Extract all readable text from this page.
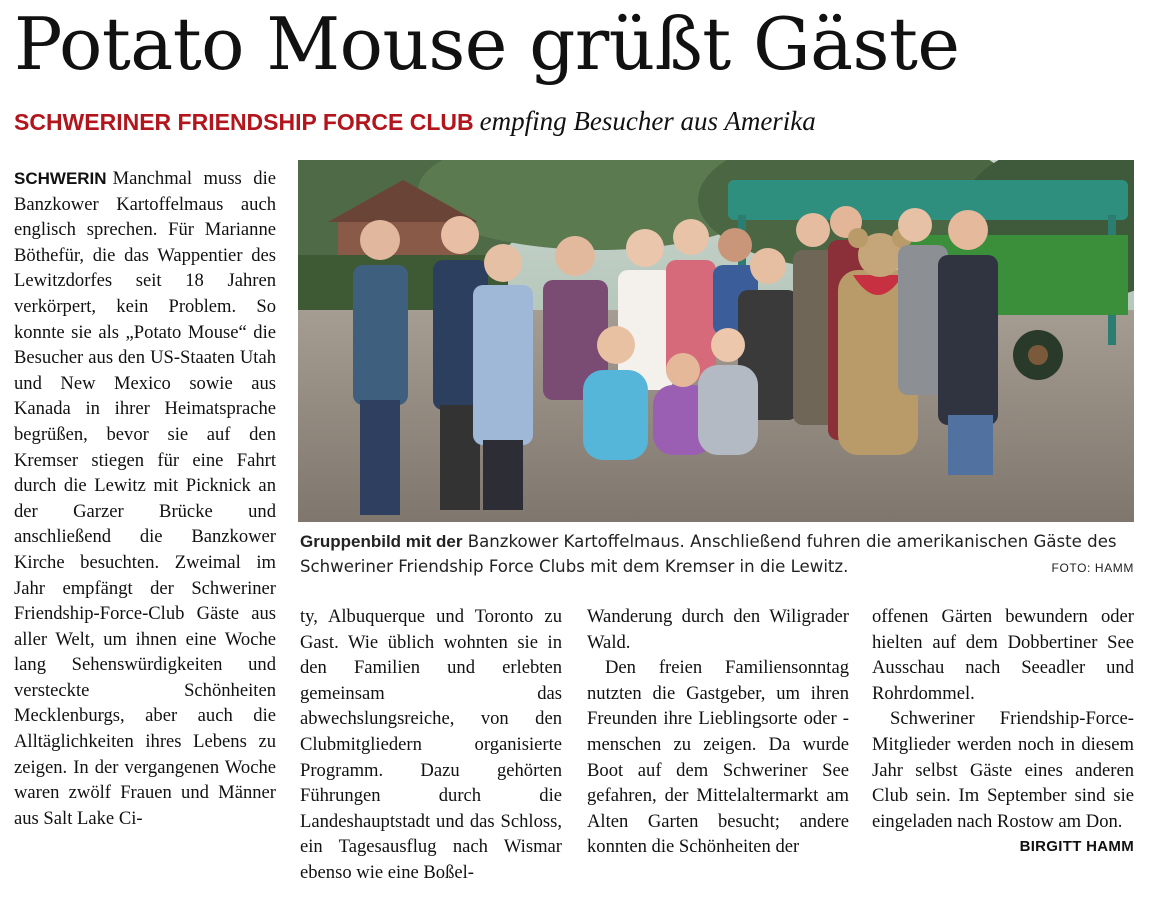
Potato Mouse grüßt Gäste
SCHWERINER FRIENDSHIP FORCE CLUB empfing Besucher aus Amerika

SCHWERIN Manchmal muss die Banzkower Kartoffelmaus auch englisch sprechen. Für Marianne Böthefür, die das Wappentier des Lewitzdorfes seit 18 Jahren verkörpert, kein Problem. So konnte sie als „Potato Mouse“ die Besucher aus den US-Staaten Utah und New Mexico sowie aus Kanada in ihrer Heimatsprache begrüßen, bevor sie auf den Kremser stiegen für eine Fahrt durch die Lewitz mit Picknick an der Garzer Brücke und anschließend die Banzkower Kirche besuchten. Zweimal im Jahr empfängt der Schweriner Friendship-Force-Club Gäste aus aller Welt, um ihnen eine Woche lang Sehenswürdigkeiten und versteckte Schönheiten Mecklenburgs, aber auch die Alltäglichkeiten ihres Lebens zu zeigen. In der vergangenen Woche waren zwölf Frauen und Männer aus Salt Lake Ci-

Gruppenbild mit der Banzkower Kartoffelmaus. Anschließend fuhren die amerikanischen Gäste des Schweriner Friendship Force Clubs mit dem Kremser in die Lewitz.	FOTO: HAMM

ty, Albuquerque und Toronto zu Gast. Wie üblich wohnten sie in den Familien und erlebten gemeinsam das abwechslungsreiche, von den Clubmitgliedern organisierte Programm. Dazu gehörten Führungen durch die Landeshauptstadt und das Schloss, ein Tagesausflug nach Wismar ebenso wie eine Boßel-

Wanderung durch den Wiligrader Wald.

Den freien Familiensonntag nutzten die Gastgeber, um ihren Freunden ihre Lieblingsorte oder -menschen zu zeigen. Da wurde Boot auf dem Schweriner See gefahren, der Mittelaltermarkt am Alten Garten besucht; andere konnten die Schönheiten der

offenen Gärten bewundern oder hielten auf dem Dobbertiner See Ausschau nach Seeadler und Rohrdommel.

Schweriner Friendship-Force-Mitglieder werden noch in diesem Jahr selbst Gäste eines anderen Club sein. Im September sind sie eingeladen nach Rostow am Don.
BIRGITT HAMM
